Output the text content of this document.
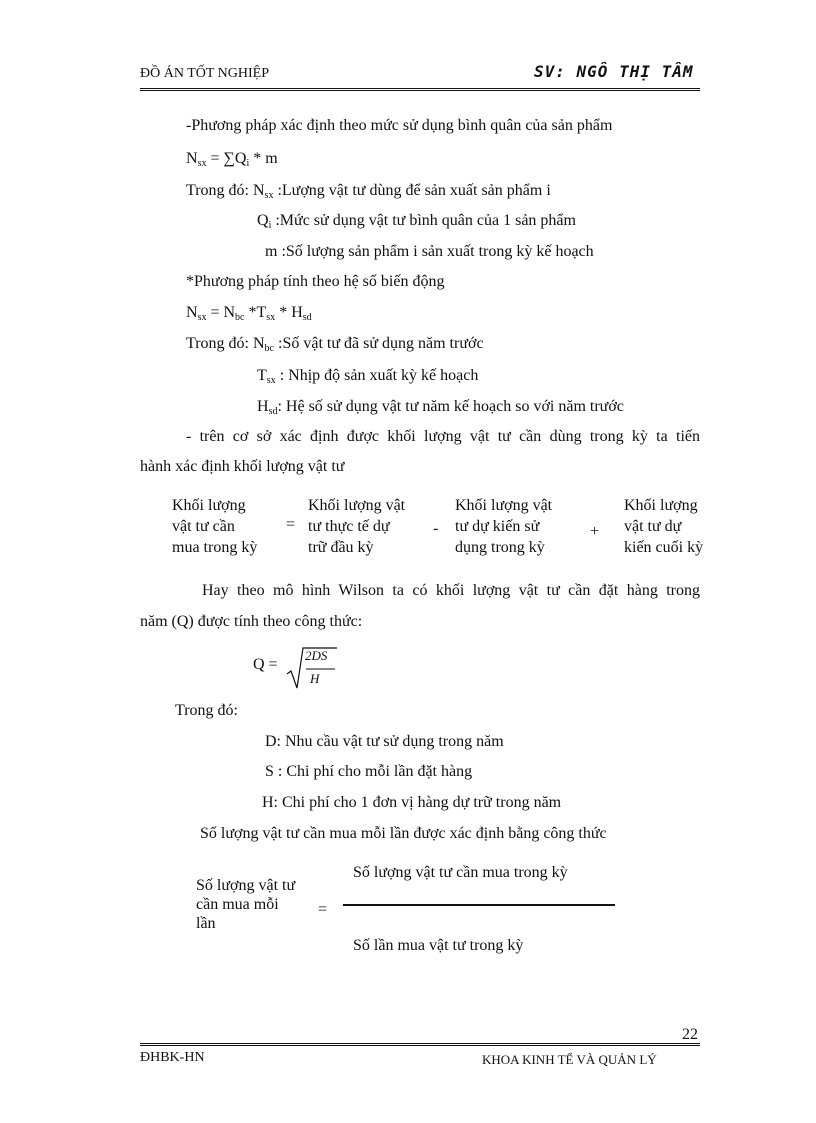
ĐỒ ÁN TỐT NGHIỆP	SV: NGÔ THỊ TÂM
-Phương pháp xác định theo mức sử dụng bình quân của sản phẩm
$N_{sx} = \sum Q_i * m$
Trong đó: $N_{sx}$ :Lượng vật tư dùng để sản xuất sản phẩm i
$Q_i$ :Mức sử dụng vật tư bình quân của 1 sản phẩm
m :Số lượng sản phẩm i sản xuất trong kỳ kế hoạch
*Phương pháp tính theo hệ số biến động
$N_{sx} = N_{bc}$ $*T_{sx} * H_{sd}$
Trong đó: $N_{bc}$ :Số vật tư đã sử dụng năm trước
$T_{sx}$ : Nhịp độ sản xuất kỳ kế hoạch
$H_{sd}$: Hệ số sử dụng vật tư năm kế hoạch so với năm trước
- trên cơ sở xác định được khối lượng vật tư cần dùng trong kỳ ta tiến
hành xác định khối lượng vật tư
Khối lượng
vật tư cần
mua trong kỳ
=
Khối lượng vật
tư thực tế dự
trữ đầu kỳ
-
Khối lượng vật
tư dự kiến sử
dụng trong kỳ
+
Khối lượng
vật tư dự
kiến cuối kỳ
Hay theo mô hình Wilson ta có khối lượng vật tư cần đặt hàng trong
năm (Q) được tính theo công thức:
Q =
2DS
H
Trong đó:
D: Nhu cầu vật tư sử dụng trong năm
S : Chi phí cho mỗi lần đặt hàng
H: Chi phí cho 1 đơn vị hàng dự trữ trong năm
Số lượng vật tư cần mua mỗi lần được xác định bằng công thức
Số lượng vật tư
cần mua mỗi
lần
=
Số lượng vật tư cần mua trong kỳ
Số lần mua vật tư trong kỳ
22
ĐHBK-HN	KHOA KINH TẾ VÀ QUẢN LÝ
